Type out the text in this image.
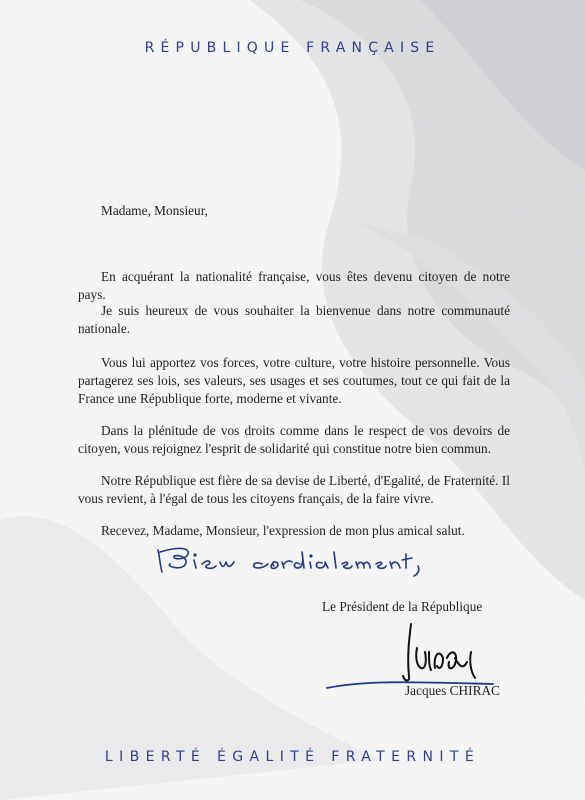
RÉPUBLIQUE FRANÇAISE
Madame, Monsieur,
En acquérant la nationalité française, vous êtes devenu citoyen de notre pays.
Je suis heureux de vous souhaiter la bienvenue dans notre communauté nationale.
Vous lui apportez vos forces, votre culture, votre histoire personnelle. Vous partagerez ses lois, ses valeurs, ses usages et ses coutumes, tout ce qui fait de la France une République forte, moderne et vivante.
Dans la plénitude de vos droits comme dans le respect de vos devoirs de citoyen, vous rejoignez l'esprit de solidarité qui constitue notre bien commun.
Notre République est fière de sa devise de Liberté, d'Egalité, de Fraternité. Il vous revient, à l'égal de tous les citoyens français, de la faire vivre.
Recevez, Madame, Monsieur, l'expression de mon plus amical salut.
Le Président de la République
Jacques CHIRAC
LIBERTÉ ÉGALITÉ FRATERNITÉ
